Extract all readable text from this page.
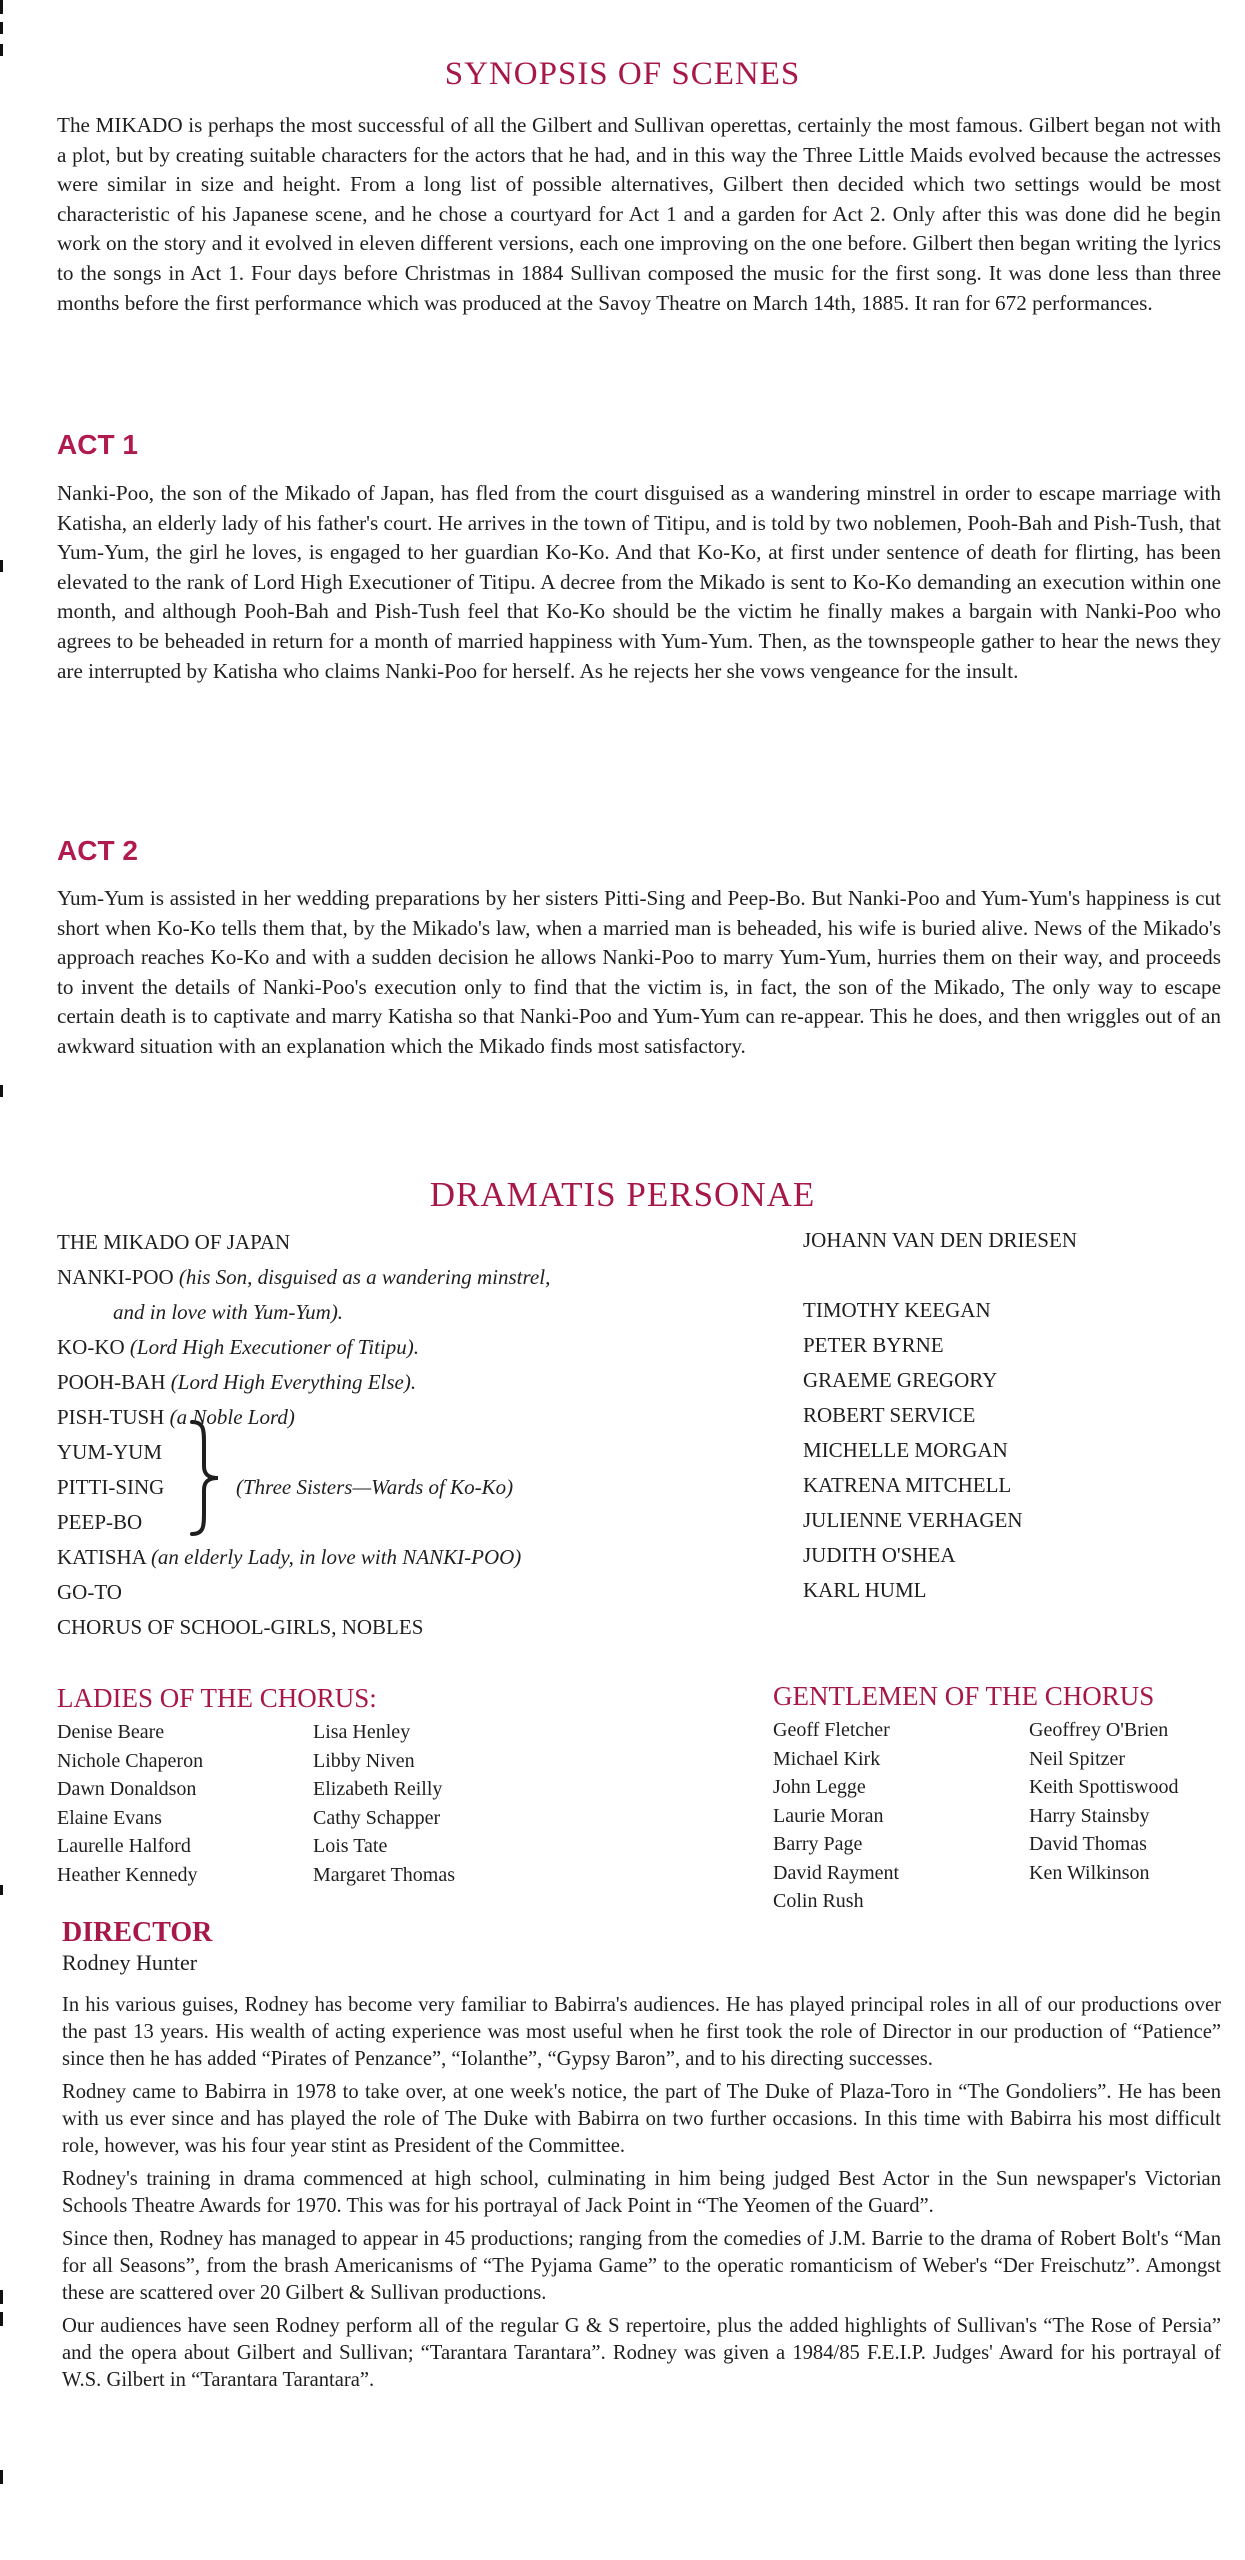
SYNOPSIS OF SCENES

The MIKADO is perhaps the most successful of all the Gilbert and Sullivan operettas, certainly the most famous. Gilbert began not with a plot, but by creating suitable characters for the actors that he had, and in this way the Three Little Maids evolved because the actresses were similar in size and height. From a long list of possible alternatives, Gilbert then decided which two settings would be most characteristic of his Japanese scene, and he chose a courtyard for Act 1 and a garden for Act 2. Only after this was done did he begin work on the story and it evolved in eleven different versions, each one improving on the one before. Gilbert then began writing the lyrics to the songs in Act 1. Four days before Christmas in 1884 Sullivan composed the music for the first song. It was done less than three months before the first performance which was produced at the Savoy Theatre on March 14th, 1885. It ran for 672 performances.

ACT 1

Nanki-Poo, the son of the Mikado of Japan, has fled from the court disguised as a wandering minstrel in order to escape marriage with Katisha, an elderly lady of his father's court. He arrives in the town of Titipu, and is told by two noblemen, Pooh-Bah and Pish-Tush, that Yum-Yum, the girl he loves, is engaged to her guardian Ko-Ko. And that Ko-Ko, at first under sentence of death for flirting, has been elevated to the rank of Lord High Executioner of Titipu. A decree from the Mikado is sent to Ko-Ko demanding an execution within one month, and although Pooh-Bah and Pish-Tush feel that Ko-Ko should be the victim he finally makes a bargain with Nanki-Poo who agrees to be beheaded in return for a month of married happiness with Yum-Yum. Then, as the townspeople gather to hear the news they are interrupted by Katisha who claims Nanki-Poo for herself. As he rejects her she vows vengeance for the insult.

ACT 2

Yum-Yum is assisted in her wedding preparations by her sisters Pitti-Sing and Peep-Bo. But Nanki-Poo and Yum-Yum's happiness is cut short when Ko-Ko tells them that, by the Mikado's law, when a married man is beheaded, his wife is buried alive. News of the Mikado's approach reaches Ko-Ko and with a sudden decision he allows Nanki-Poo to marry Yum-Yum, hurries them on their way, and proceeds to invent the details of Nanki-Poo's execution only to find that the victim is, in fact, the son of the Mikado, The only way to escape certain death is to captivate and marry Katisha so that Nanki-Poo and Yum-Yum can re-appear. This he does, and then wriggles out of an awkward situation with an explanation which the Mikado finds most satisfactory.

DRAMATIS PERSONAE
THE MIKADO OF JAPAN
NANKI-POO (his Son, disguised as a wandering minstrel,
and in love with Yum-Yum).
KO-KO (Lord High Executioner of Titipu).
POOH-BAH (Lord High Everything Else).
PISH-TUSH (a Noble Lord)
YUM-YUM
PITTI-SING
PEEP-BO
(Three Sisters—Wards of Ko-Ko)
KATISHA (an elderly Lady, in love with NANKI-POO)
GO-TO
CHORUS OF SCHOOL-GIRLS, NOBLES
JOHANN VAN DEN DRIESEN
TIMOTHY KEEGAN
PETER BYRNE
GRAEME GREGORY
ROBERT SERVICE
MICHELLE MORGAN
KATRENA MITCHELL
JULIENNE VERHAGEN
JUDITH O'SHEA
KARL HUML
LADIES OF THE CHORUS:
Denise Beare
Nichole Chaperon
Dawn Donaldson
Elaine Evans
Laurelle Halford
Heather Kennedy
Lisa Henley
Libby Niven
Elizabeth Reilly
Cathy Schapper
Lois Tate
Margaret Thomas
GENTLEMEN OF THE CHORUS
Geoff Fletcher
Michael Kirk
John Legge
Laurie Moran
Barry Page
David Rayment
Colin Rush
Geoffrey O'Brien
Neil Spitzer
Keith Spottiswood
Harry Stainsby
David Thomas
Ken Wilkinson
DIRECTOR
Rodney Hunter

In his various guises, Rodney has become very familiar to Babirra's audiences. He has played principal roles in all of our productions over the past 13 years. His wealth of acting experience was most useful when he first took the role of Director in our production of “Patience” since then he has added “Pirates of Penzance”, “Iolanthe”, “Gypsy Baron”, and to his directing successes.

Rodney came to Babirra in 1978 to take over, at one week's notice, the part of The Duke of Plaza-Toro in “The Gondoliers”. He has been with us ever since and has played the role of The Duke with Babirra on two further occasions. In this time with Babirra his most difficult role, however, was his four year stint as President of the Committee.

Rodney's training in drama commenced at high school, culminating in him being judged Best Actor in the Sun newspaper's Victorian Schools Theatre Awards for 1970. This was for his portrayal of Jack Point in “The Yeomen of the Guard”.

Since then, Rodney has managed to appear in 45 productions; ranging from the comedies of J.M. Barrie to the drama of Robert Bolt's “Man for all Seasons”, from the brash Americanisms of “The Pyjama Game” to the operatic romanticism of Weber's “Der Freischutz”. Amongst these are scattered over 20 Gilbert & Sullivan productions.

Our audiences have seen Rodney perform all of the regular G & S repertoire, plus the added highlights of Sullivan's “The Rose of Persia” and the opera about Gilbert and Sullivan; “Tarantara Tarantara”. Rodney was given a 1984/85 F.E.I.P. Judges' Award for his portrayal of W.S. Gilbert in “Tarantara Tarantara”.
